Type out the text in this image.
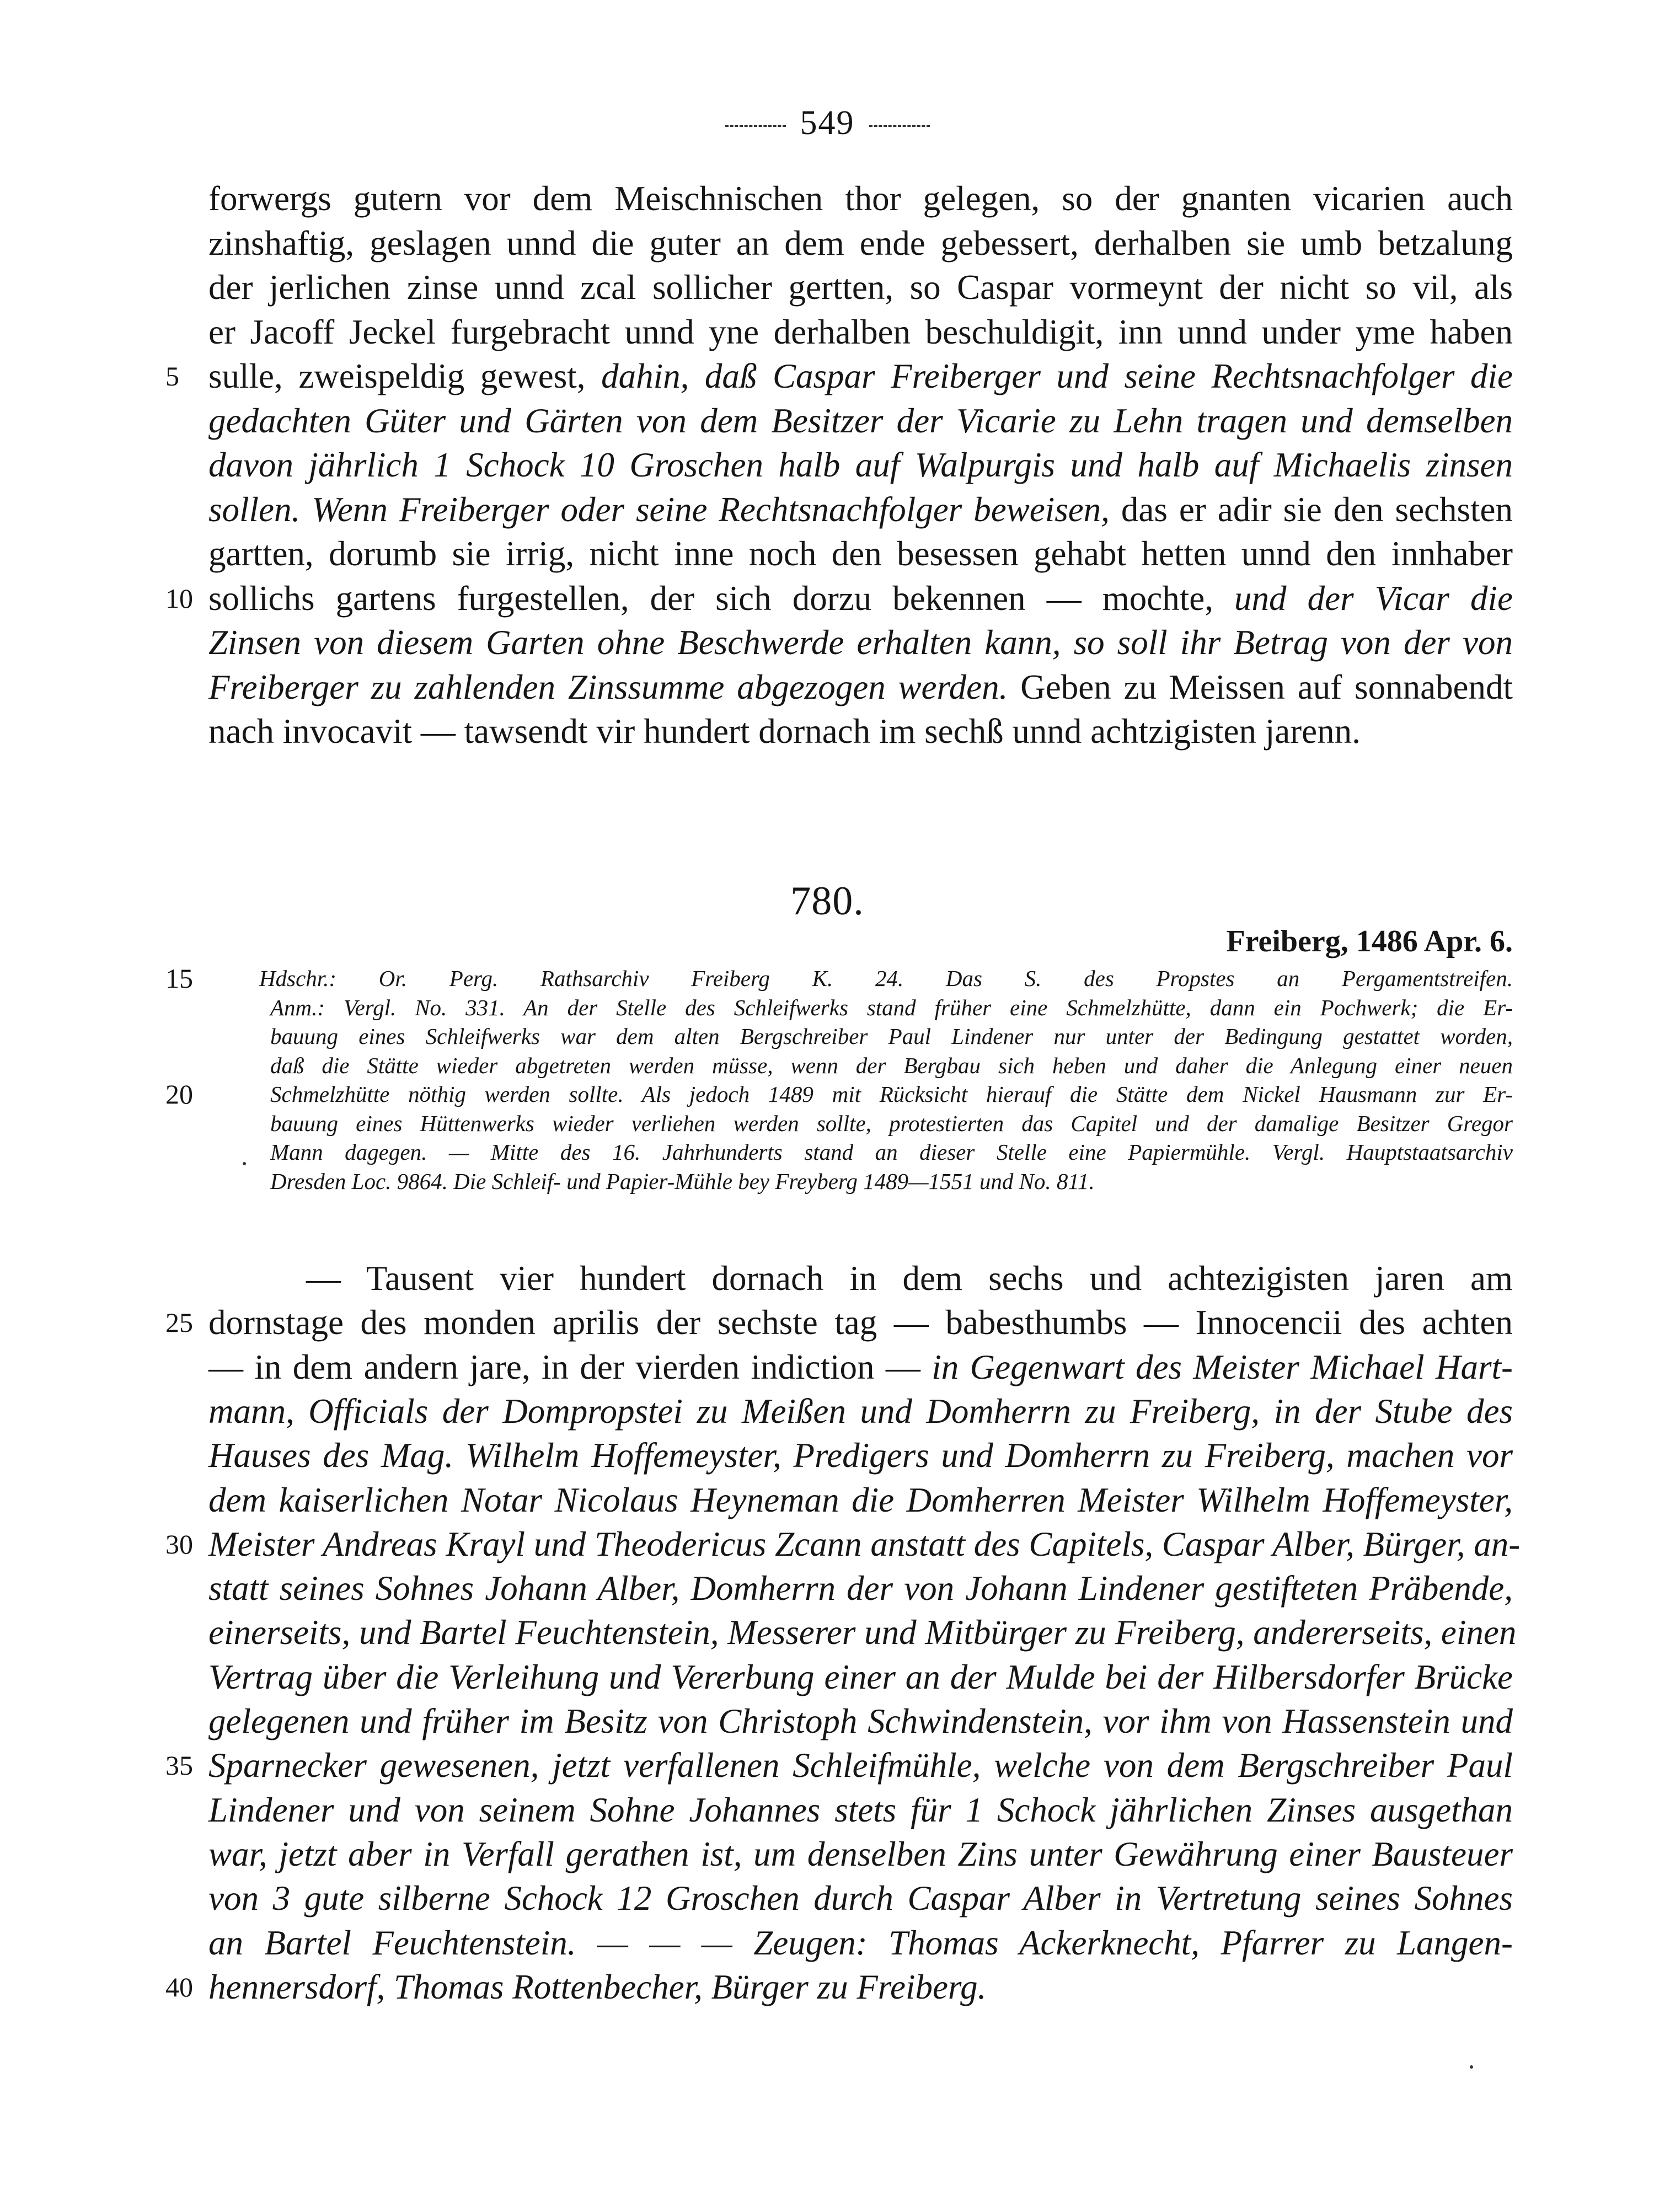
549
forwergs gutern vor dem Meischnischen thor gelegen, so der gnanten vicarien auch
zinshaftig, geslagen unnd die guter an dem ende gebessert, derhalben sie umb betzalung
der jerlichen zinse unnd zcal sollicher gertten, so Caspar vormeynt der nicht so vil, als
er Jacoff Jeckel furgebracht unnd yne derhalben beschuldigit, inn unnd under yme haben
5 sulle, zweispeldig gewest, dahin, daß Caspar Freiberger und seine Rechtsnachfolger die
gedachten Güter und Gärten von dem Besitzer der Vicarie zu Lehn tragen und demselben
davon jährlich 1 Schock 10 Groschen halb auf Walpurgis und halb auf Michaelis zinsen
sollen. Wenn Freiberger oder seine Rechtsnachfolger beweisen, das er adir sie den sechsten
gartten, dorumb sie irrig, nicht inne noch den besessen gehabt hetten unnd den innhaber
10 sollichs gartens furgestellen, der sich dorzu bekennen — mochte, und der Vicar die
Zinsen von diesem Garten ohne Beschwerde erhalten kann, so soll ihr Betrag von der von
Freiberger zu zahlenden Zinssumme abgezogen werden. Geben zu Meissen auf sonnabendt
nach invocavit — tawsendt vir hundert dornach im sechß unnd achtzigisten jarenn.
780.
Freiberg, 1486 Apr. 6.
15	Hdschr.: Or. Perg. Rathsarchiv Freiberg K. 24. Das S. des Propstes an Pergamentstreifen.
Anm.: Vergl. No. 331. An der Stelle des Schleifwerks stand früher eine Schmelzhütte, dann ein Pochwerk; die Er-
bauung eines Schleifwerks war dem alten Bergschreiber Paul Lindener nur unter der Bedingung gestattet worden,
daß die Stätte wieder abgetreten werden müsse, wenn der Bergbau sich heben und daher die Anlegung einer neuen
20	Schmelzhütte nöthig werden sollte. Als jedoch 1489 mit Rücksicht hierauf die Stätte dem Nickel Hausmann zur Er-
bauung eines Hüttenwerks wieder verliehen werden sollte, protestierten das Capitel und der damalige Besitzer Gregor
Mann dagegen. — Mitte des 16. Jahrhunderts stand an dieser Stelle eine Papiermühle. Vergl. Hauptstaatsarchiv
Dresden Loc. 9864. Die Schleif- und Papier-Mühle bey Freyberg 1489—1551 und No. 811.
— Tausent vier hundert dornach in dem sechs und achtezigisten jaren am
25 dornstage des monden aprilis der sechste tag — babesthumbs — Innocencii des achten
— in dem andern jare, in der vierden indiction — in Gegenwart des Meister Michael Hart-
mann, Officials der Dompropstei zu Meißen und Domherrn zu Freiberg, in der Stube des
Hauses des Mag. Wilhelm Hoffemeyster, Predigers und Domherrn zu Freiberg, machen vor
dem kaiserlichen Notar Nicolaus Heyneman die Domherren Meister Wilhelm Hoffemeyster,
30 Meister Andreas Krayl und Theodericus Zcann anstatt des Capitels, Caspar Alber, Bürger, an-
statt seines Sohnes Johann Alber, Domherrn der von Johann Lindener gestifteten Präbende,
einerseits, und Bartel Feuchtenstein, Messerer und Mitbürger zu Freiberg, andererseits, einen
Vertrag über die Verleihung und Vererbung einer an der Mulde bei der Hilbersdorfer Brücke
gelegenen und früher im Besitz von Christoph Schwindenstein, vor ihm von Hassenstein und
35 Sparnecker gewesenen, jetzt verfallenen Schleifmühle, welche von dem Bergschreiber Paul
Lindener und von seinem Sohne Johannes stets für 1 Schock jährlichen Zinses ausgethan
war, jetzt aber in Verfall gerathen ist, um denselben Zins unter Gewährung einer Bausteuer
von 3 gute silberne Schock 12 Groschen durch Caspar Alber in Vertretung seines Sohnes
an Bartel Feuchtenstein. — — — Zeugen: Thomas Ackerknecht, Pfarrer zu Langen-
40 hennersdorf, Thomas Rottenbecher, Bürger zu Freiberg.
